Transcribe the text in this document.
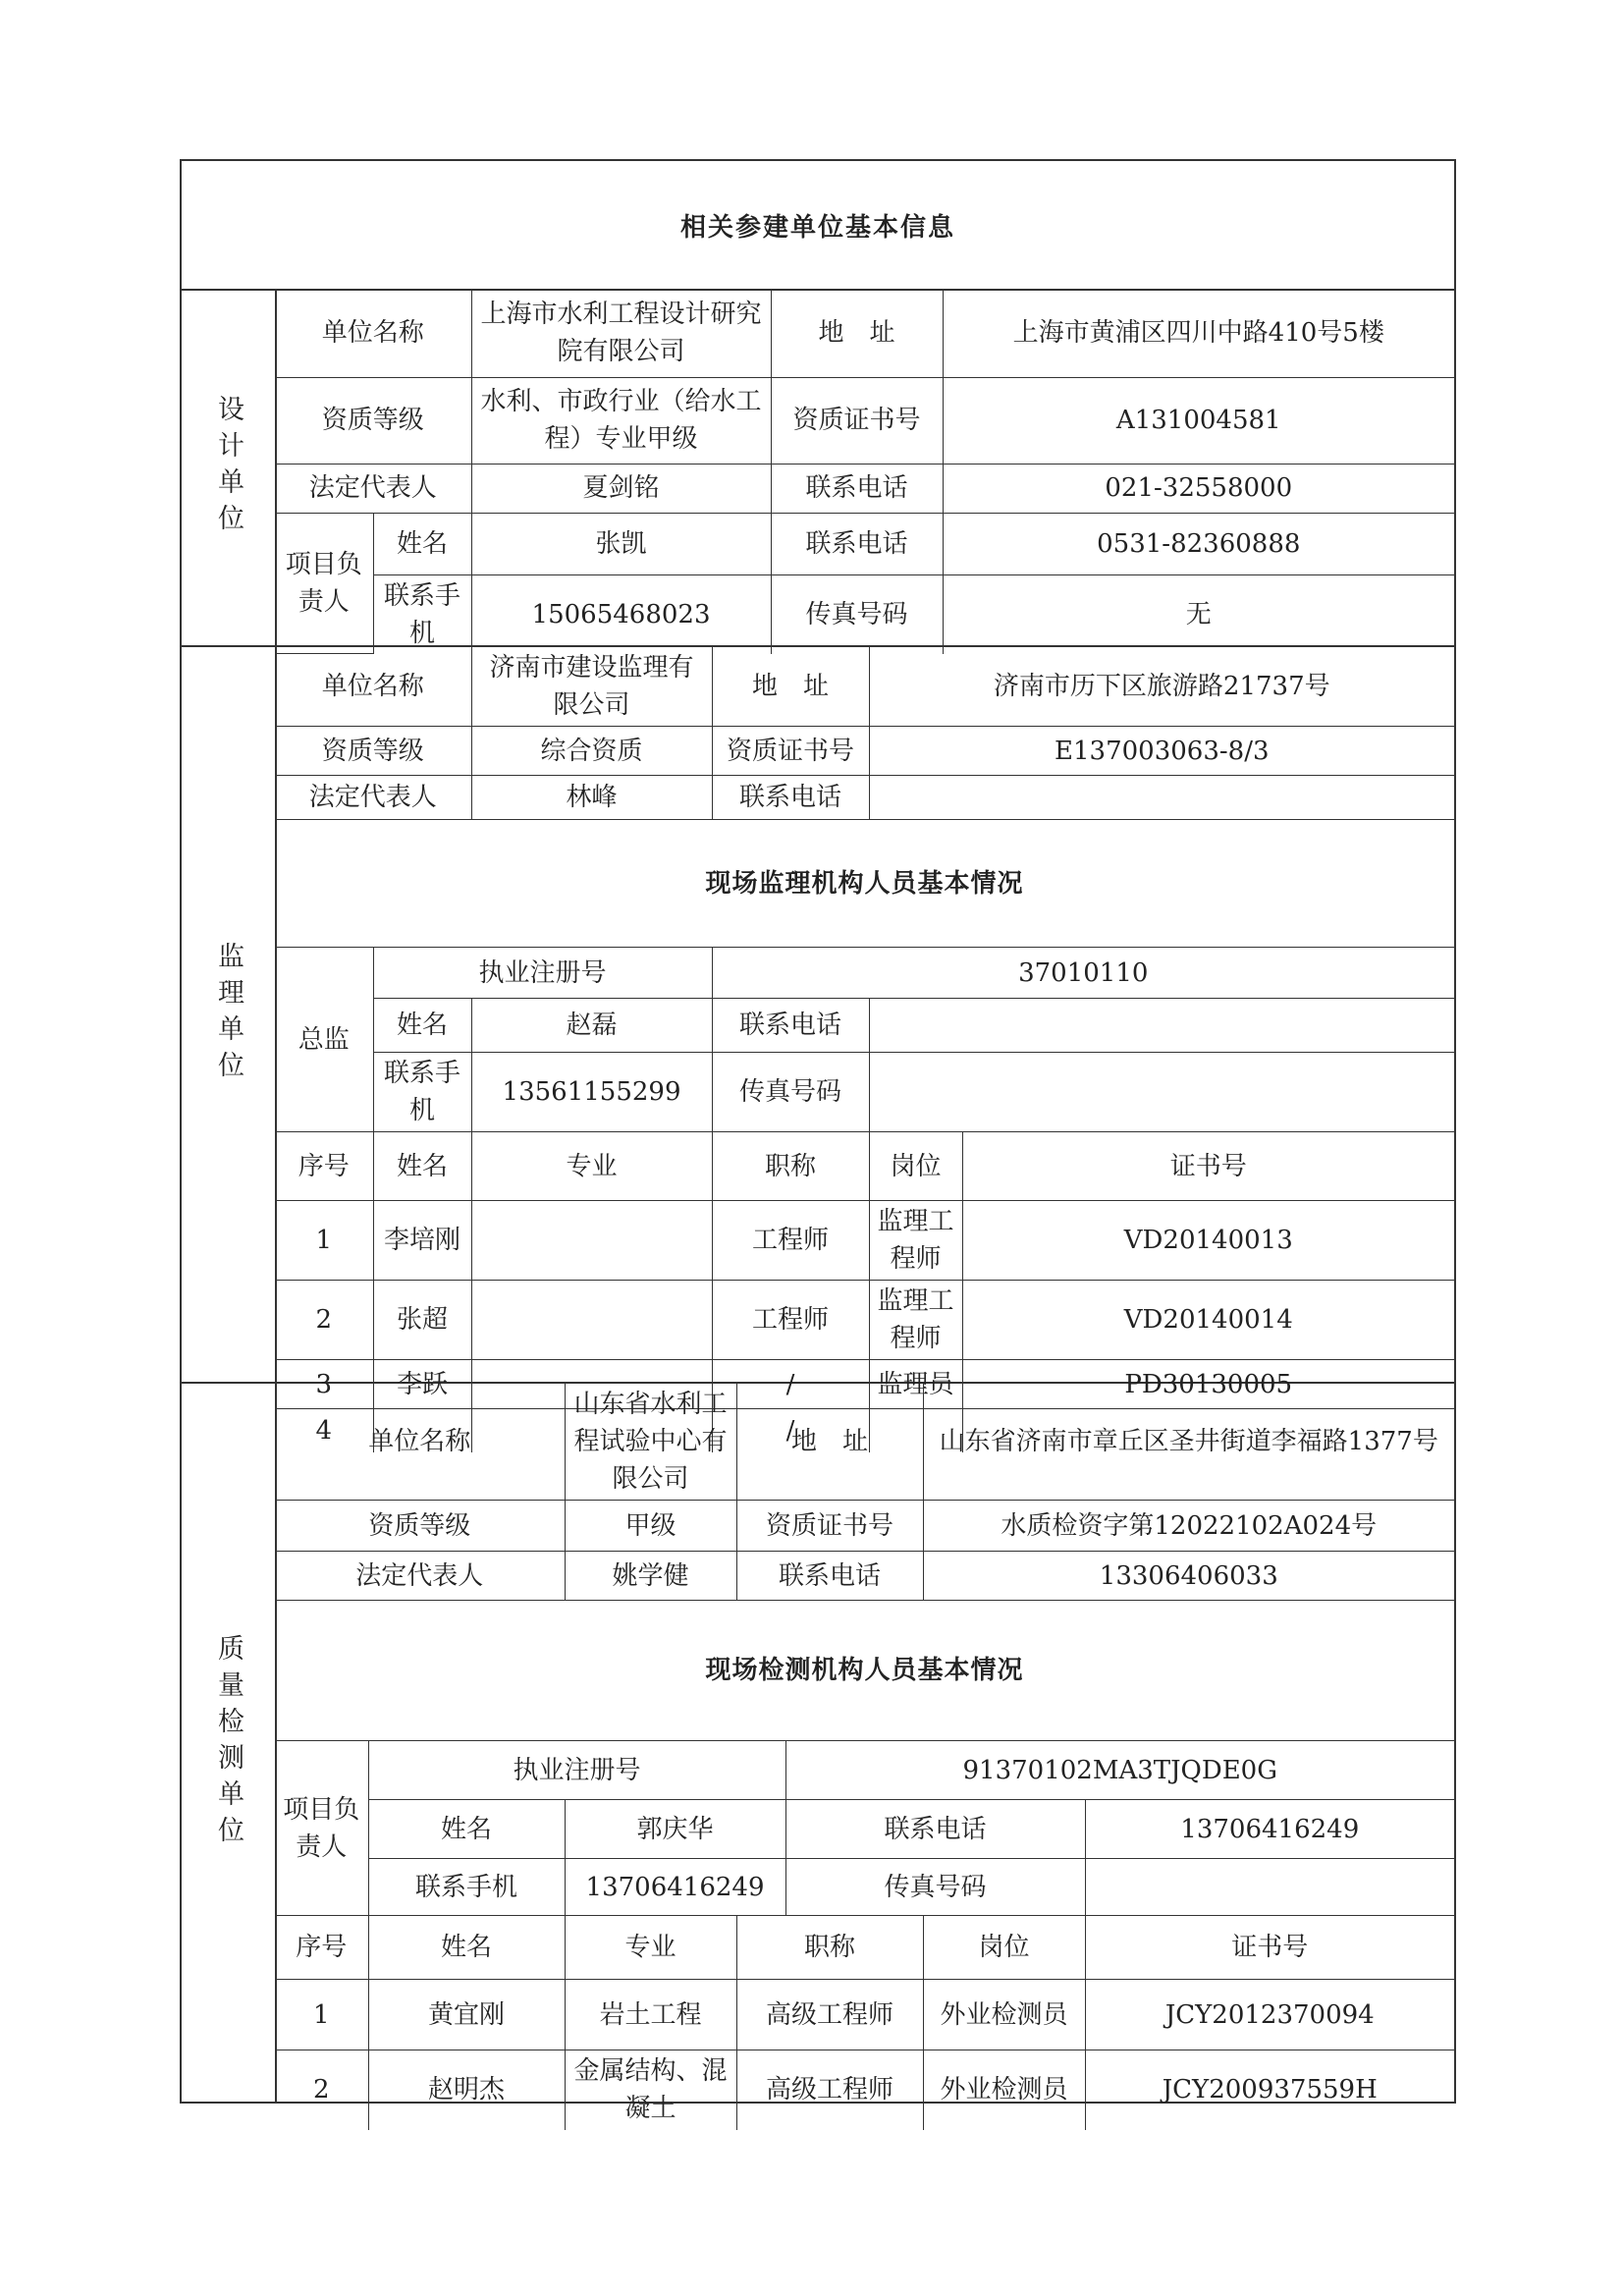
相关参建单位基本信息
设计单位
单位名称		上海市水利工程设计研究院有限公司	地　址	上海市黄浦区四川中路410号5楼
资质等级		水利、市政行业（给水工程）专业甲级	资质证书号	A131004581
法定代表人		夏剑铭	联系电话	021-32558000
项目负责人	姓名	张凯	联系电话	0531-82360888
	联系手机	15065468023	传真号码	无
监理单位
单位名称		济南市建设监理有限公司	地　址	济南市历下区旅游路21737号	
资质等级		综合资质	资质证书号	E137003063-8/3	
法定代表人		林峰	联系电话		
现场监理机构人员基本情况					
总监	执业注册号		37010110		
	姓名	赵磊	联系电话		
	联系手机	13561155299	传真号码		
序号	姓名	专业	职称	岗位	证书号
1	李培刚		工程师	监理工程师	VD20140013
2	张超		工程师	监理工程师	VD20140014
3	李跃		/	监理员	PD30130005
4			/		
质量检测单位
单位名称		山东省水利工程试验中心有限公司	地　址		山东省济南市章丘区圣井街道李福路1377号	
资质等级		甲级	资质证书号		水质检资字第12022102A024号	
法定代表人		姚学健	联系电话		13306406033	
现场检测机构人员基本情况						
项目负责人	执业注册号			91370102MA3TJQDE0G		
	姓名	郭庆华		联系电话		13706416249
	联系手机	13706416249		传真号码		
序号	姓名	专业	职称		岗位	证书号
1	黄宜刚	岩土工程	高级工程师		外业检测员	JCY2012370094
2	赵明杰	金属结构、混凝土	高级工程师		外业检测员	JCY200937559H
